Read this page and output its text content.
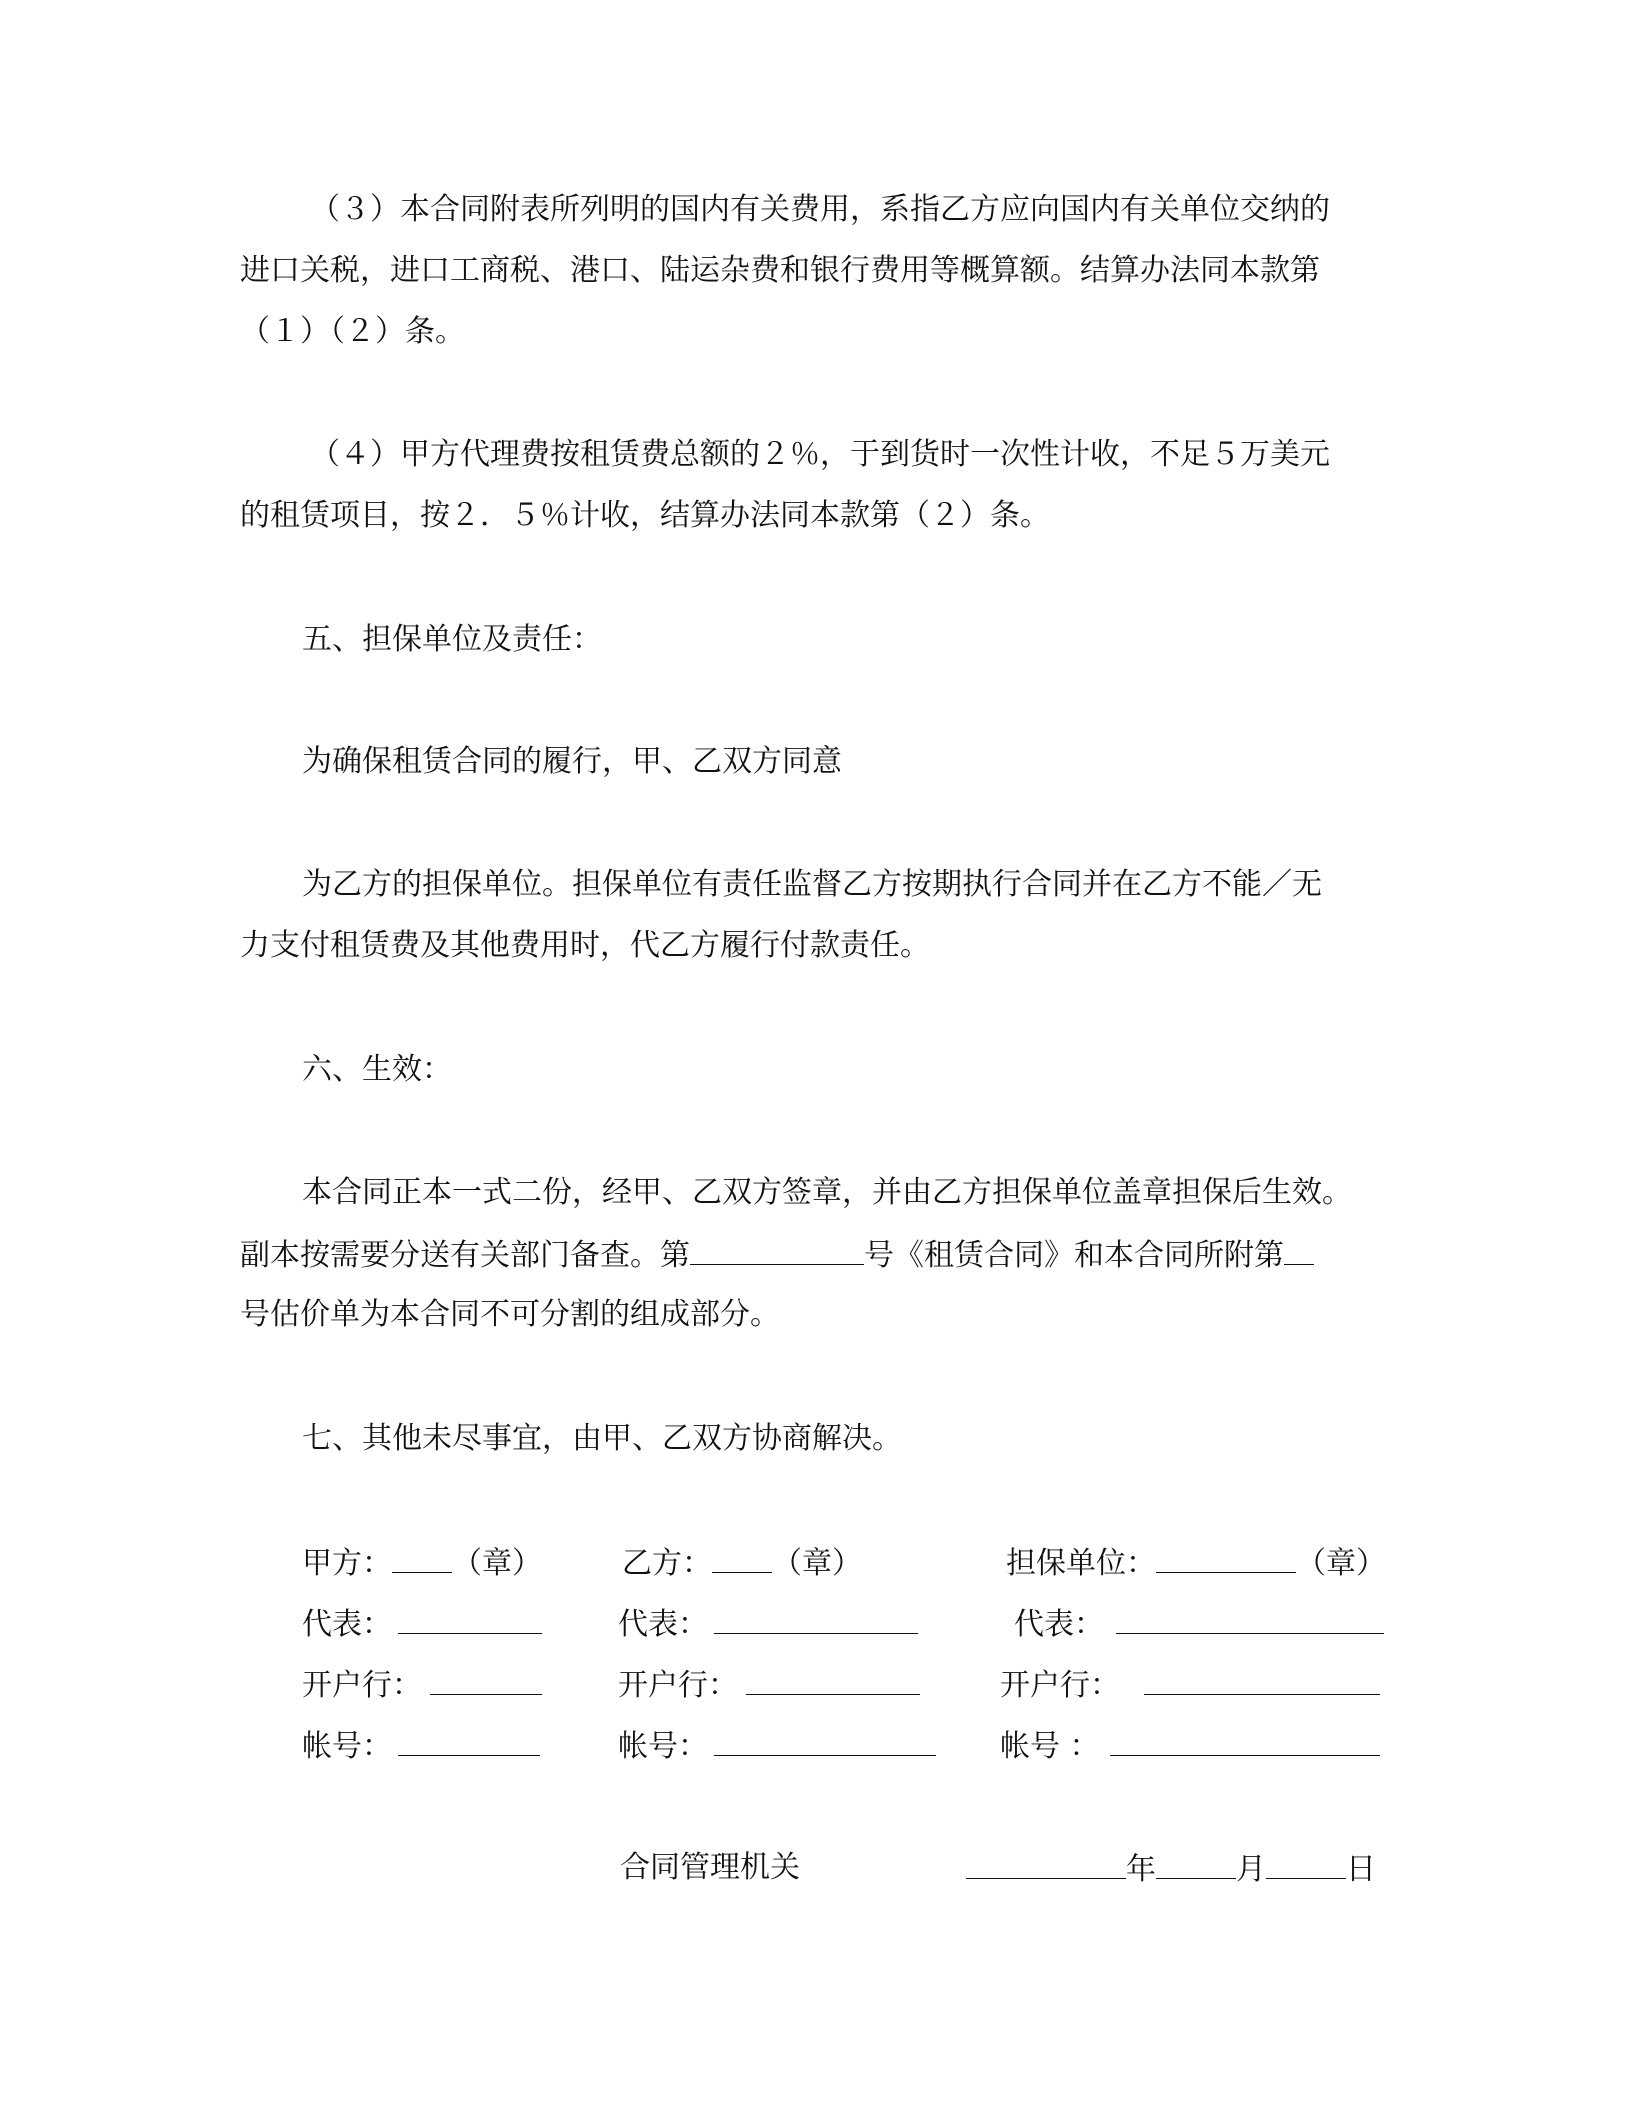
（３）本合同附表所列明的国内有关费用，系指乙方应向国内有关单位交纳的
进口关税，进口工商税、港口、陆运杂费和银行费用等概算额。结算办法同本款第
（１）（２）条。
（４）甲方代理费按租赁费总额的２％，于到货时一次性计收，不足５万美元
的租赁项目，按２．５％计收，结算办法同本款第（２）条。
五、担保单位及责任：
为确保租赁合同的履行，甲、乙双方同意
为乙方的担保单位。担保单位有责任监督乙方按期执行合同并在乙方不能／无
力支付租赁费及其他费用时，代乙方履行付款责任。
六、生效：
本合同正本一式二份，经甲、乙双方签章，并由乙方担保单位盖章担保后生效。
副本按需要分送有关部门备查。第	号《租赁合同》和本合同所附第
号估价单为本合同不可分割的组成部分。
七、其他未尽事宜，由甲、乙双方协商解决。
甲方： （章）	乙方： （章）	担保单位：	（章）
代表：	代表：	代表：
开户行：	开户行：	开户行：
帐号：	帐号：	帐号 ：
合同管理机关	年	月	日
